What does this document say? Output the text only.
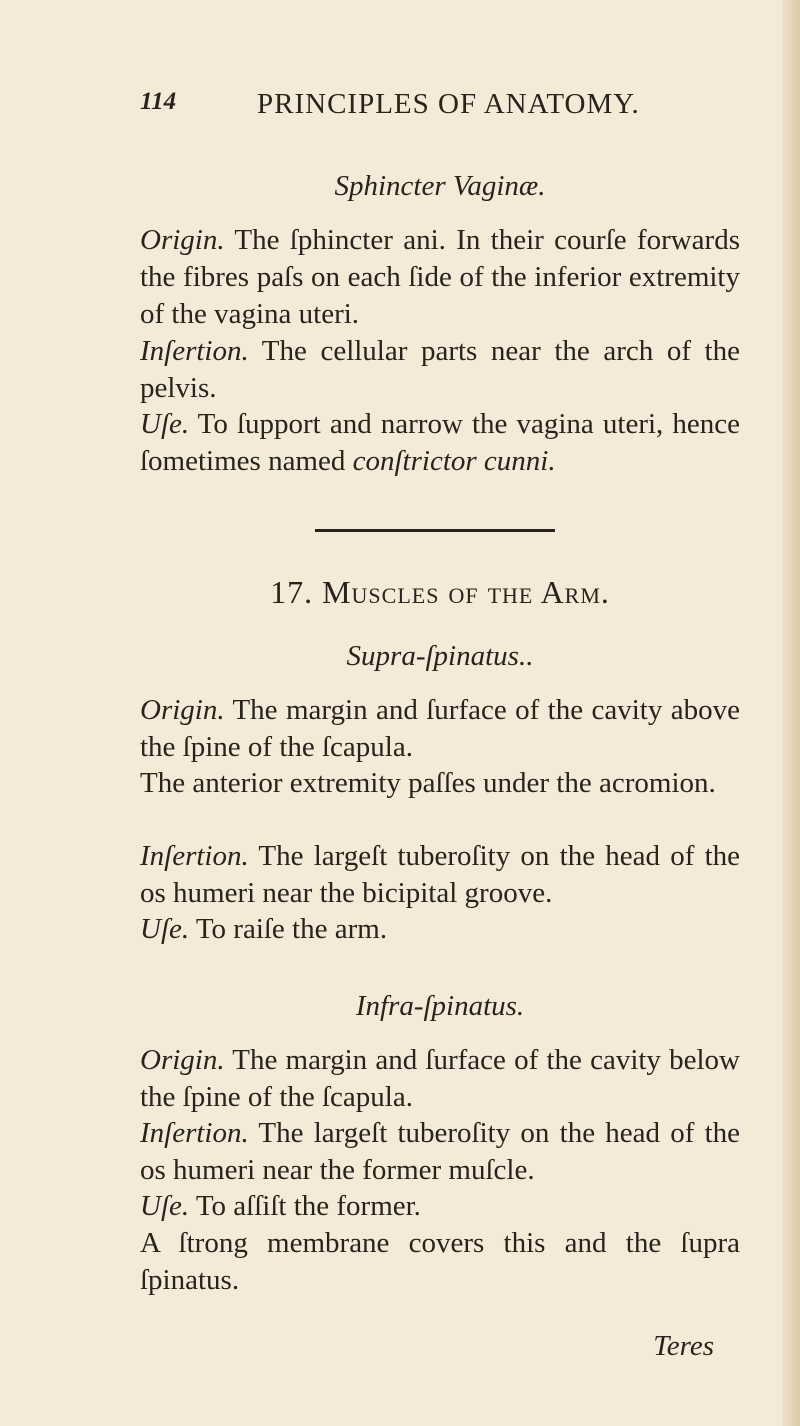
114	PRINCIPLES OF ANATOMY.
Sphincter Vaginæ.
Origin. The ſphincter ani. In their courſe forwards the fibres paſs on each ſide of the inferior extremity of the vagina uteri.
Inſertion. The cellular parts near the arch of the pelvis.
Uſe. To ſupport and narrow the vagina uteri, hence ſometimes named conſtrictor cunni.
17. Muscles of the Arm.
Supra-ſpinatus..
Origin. The margin and ſurface of the cavity above the ſpine of the ſcapula.
The anterior extremity paſſes under the acromion.
Inſertion. The largeſt tuberoſity on the head of the os humeri near the bicipital groove.
Uſe. To raiſe the arm.
Infra-ſpinatus.
Origin. The margin and ſurface of the cavity below the ſpine of the ſcapula.
Inſertion. The largeſt tuberoſity on the head of the os humeri near the former muſcle.
Uſe. To aſſiſt the former.
A ſtrong membrane covers this and the ſupra ſpinatus.
Teres
